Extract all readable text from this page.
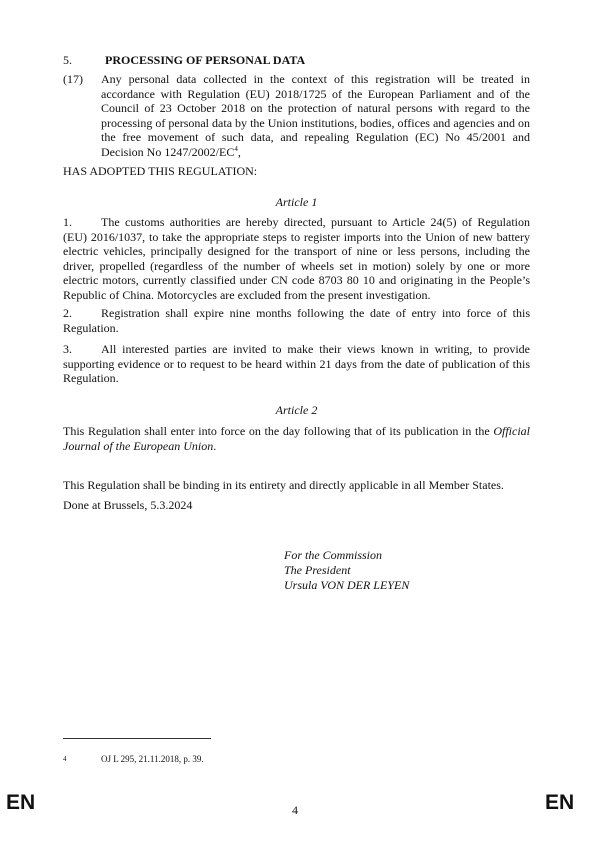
5.	PROCESSING OF PERSONAL DATA
(17) Any personal data collected in the context of this registration will be treated in accordance with Regulation (EU) 2018/1725 of the European Parliament and of the Council of 23 October 2018 on the protection of natural persons with regard to the processing of personal data by the Union institutions, bodies, offices and agencies and on the free movement of such data, and repealing Regulation (EC) No 45/2001 and Decision No $1247/2002/EC^4$,
HAS ADOPTED THIS REGULATION:
Article 1
1. The customs authorities are hereby directed, pursuant to Article 24(5) of Regulation (EU) 2016/1037, to take the appropriate steps to register imports into the Union of new battery electric vehicles, principally designed for the transport of nine or less persons, including the driver, propelled (regardless of the number of wheels set in motion) solely by one or more electric motors, currently classified under CN code 8703 80 10 and originating in the People’s Republic of China. Motorcycles are excluded from the present investigation.
2. Registration shall expire nine months following the date of entry into force of this Regulation.
3. All interested parties are invited to make their views known in writing, to provide supporting evidence or to request to be heard within 21 days from the date of publication of this Regulation.
Article 2
This Regulation shall enter into force on the day following that of its publication in the Official Journal of the European Union.
This Regulation shall be binding in its entirety and directly applicable in all Member States.
Done at Brussels, 5.3.2024
For the Commission
The President
Ursula VON DER LEYEN
4	OJ L 295, 21.11.2018, p. 39.
EN	4	EN
